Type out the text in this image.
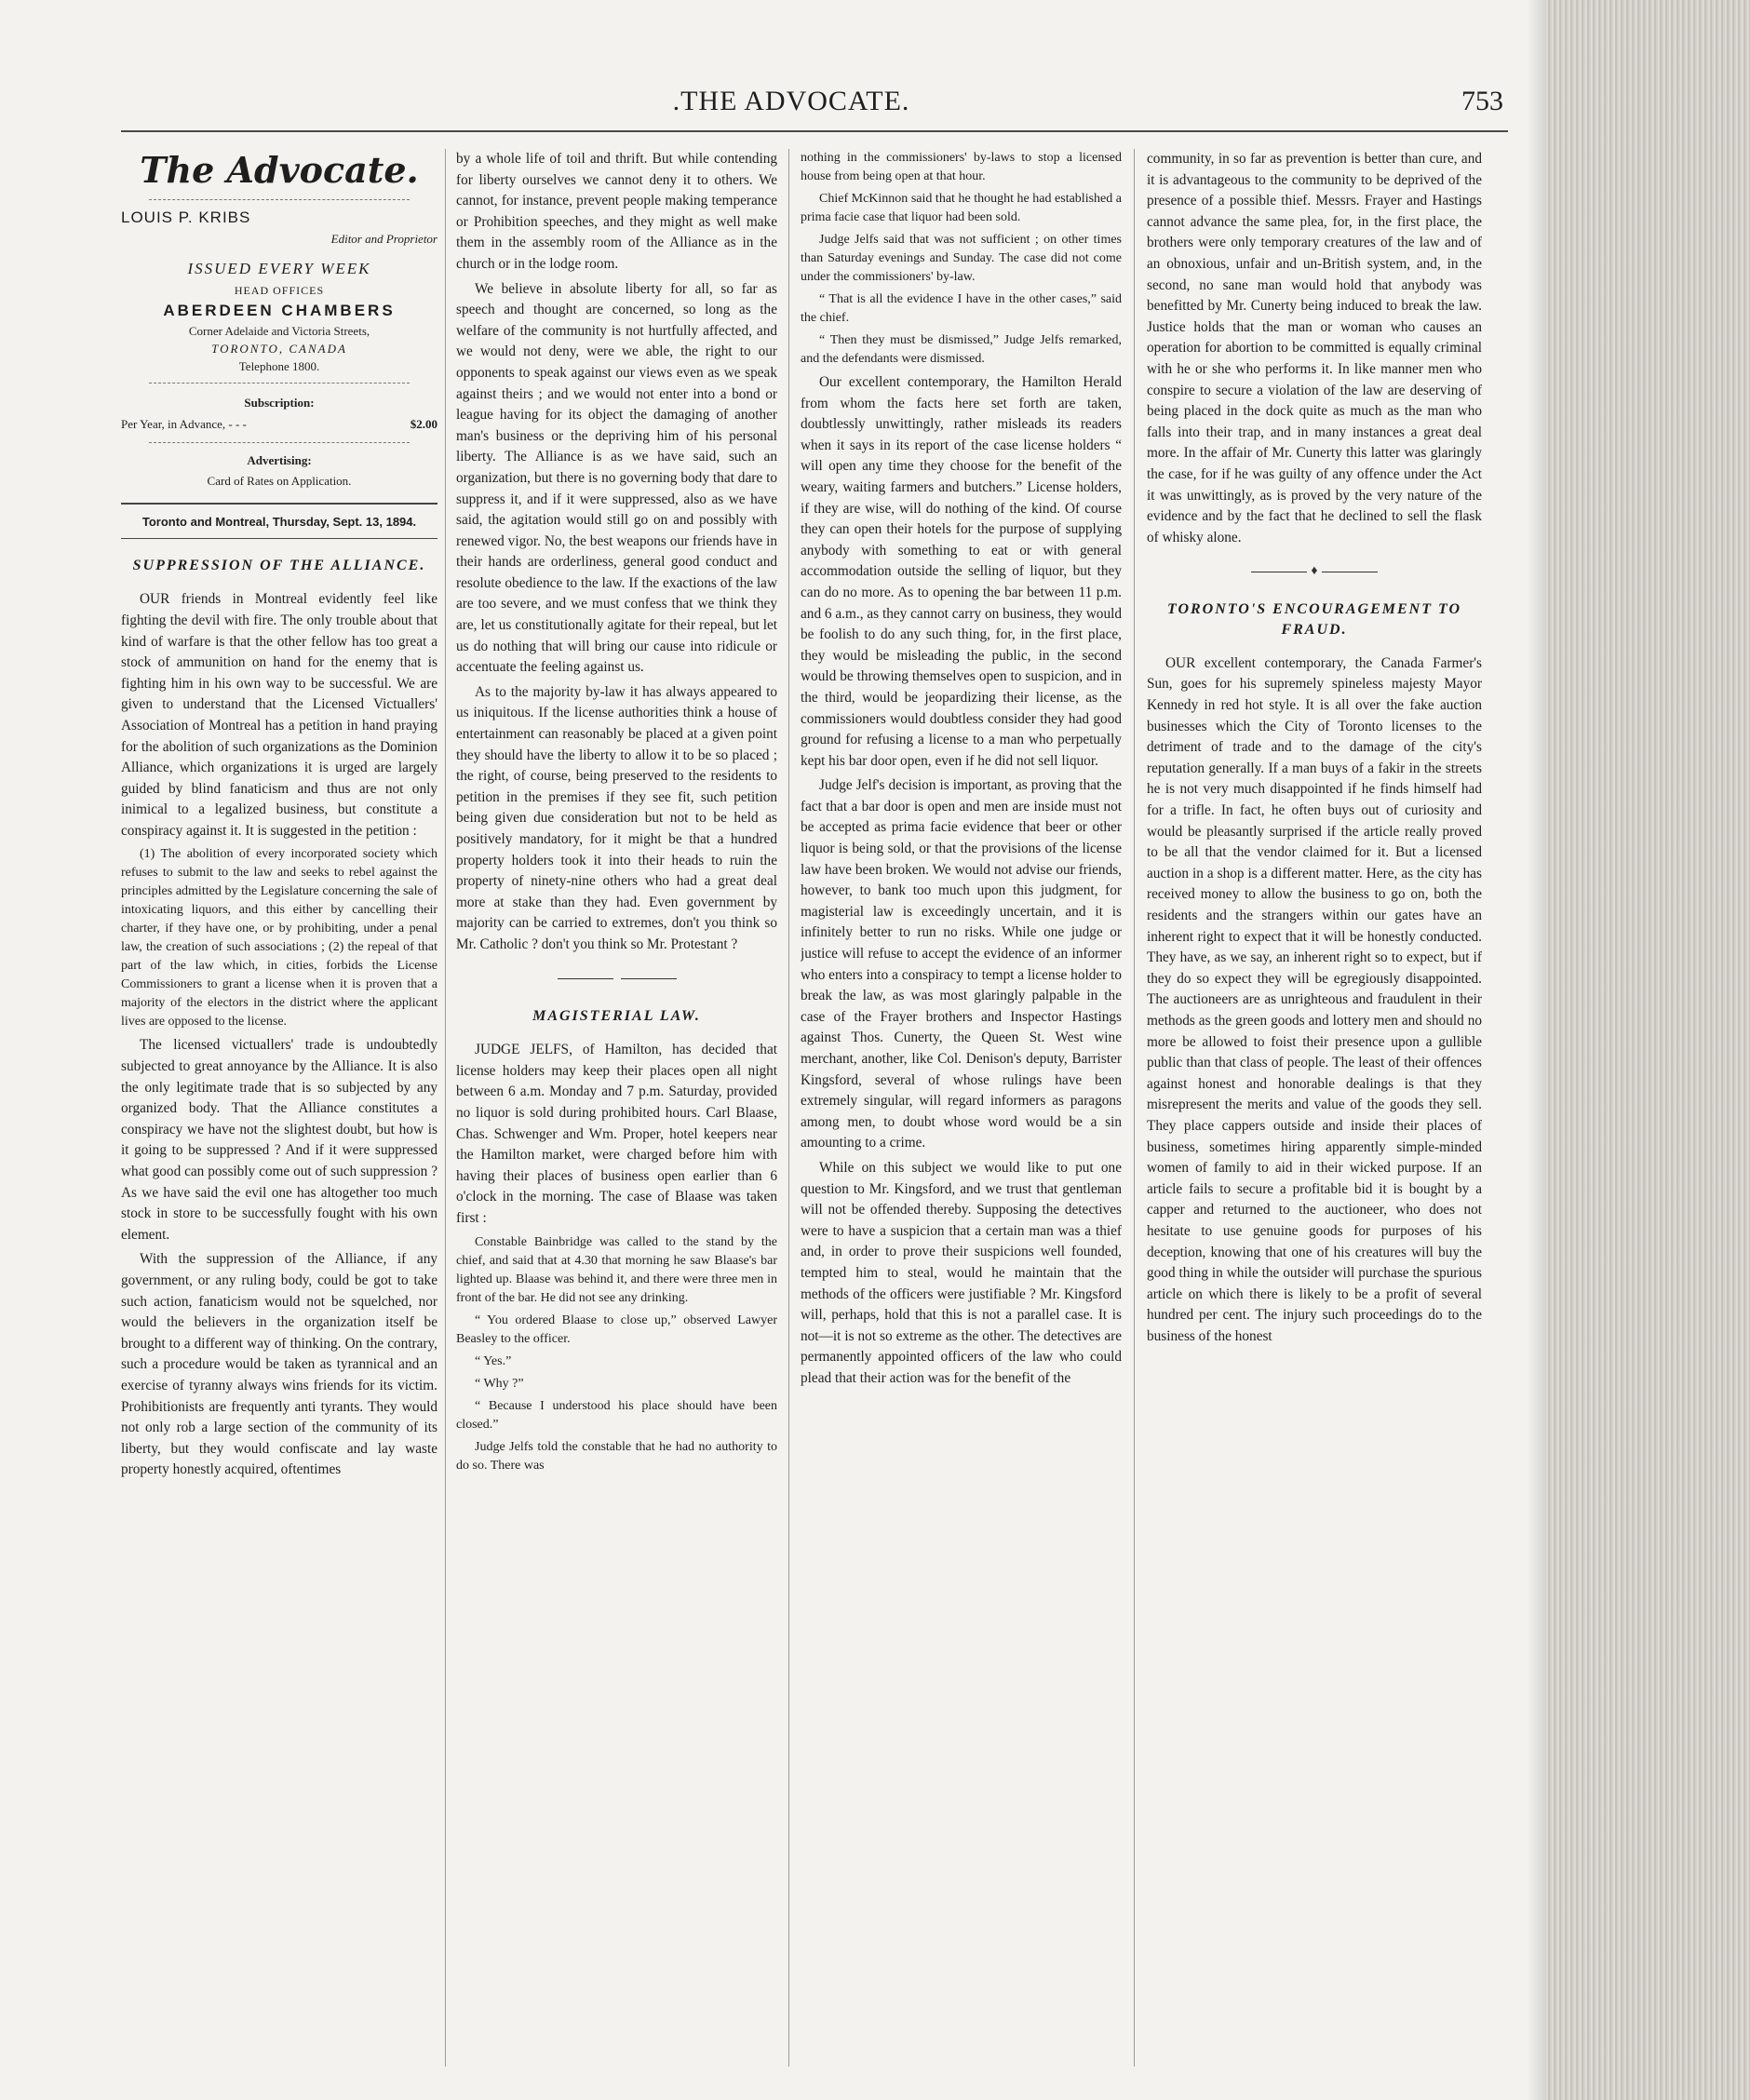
.THE ADVOCATE.	753
The Advocate.
LOUIS P. KRIBS
Editor and Proprietor
ISSUED EVERY WEEK
HEAD OFFICES
ABERDEEN CHAMBERS
Corner Adelaide and Victoria Streets,
TORONTO, CANADA
Telephone 1800.
Subscription:
Per Year, in Advance, - - -	$2.00
Advertising:
Card of Rates on Application.
Toronto and Montreal, Thursday, Sept. 13, 1894.
SUPPRESSION OF THE ALLIANCE.

OUR friends in Montreal evidently feel like fighting the devil with fire. The only trouble about that kind of warfare is that the other fellow has too great a stock of ammunition on hand for the enemy that is fighting him in his own way to be successful. We are given to understand that the Licensed Victuallers' Association of Montreal has a petition in hand praying for the abolition of such organizations as the Dominion Alliance, which organizations it is urged are largely guided by blind fanaticism and thus are not only inimical to a legalized business, but constitute a conspiracy against it. It is suggested in the petition :

(1) The abolition of every incorporated society which refuses to submit to the law and seeks to rebel against the principles admitted by the Legislature concerning the sale of intoxicating liquors, and this either by cancelling their charter, if they have one, or by prohibiting, under a penal law, the creation of such associations ; (2) the repeal of that part of the law which, in cities, forbids the License Commissioners to grant a license when it is proven that a majority of the electors in the district where the applicant lives are opposed to the license.

The licensed victuallers' trade is undoubtedly subjected to great annoyance by the Alliance. It is also the only legitimate trade that is so subjected by any organized body. That the Alliance constitutes a conspiracy we have not the slightest doubt, but how is it going to be suppressed ? And if it were suppressed what good can possibly come out of such suppression ? As we have said the evil one has altogether too much stock in store to be successfully fought with his own element.

With the suppression of the Alliance, if any government, or any ruling body, could be got to take such action, fanaticism would not be squelched, nor would the believers in the organization itself be brought to a different way of thinking. On the contrary, such a procedure would be taken as tyrannical and an exercise of tyranny always wins friends for its victim. Prohibitionists are frequently anti tyrants. They would not only rob a large section of the community of its liberty, but they would confiscate and lay waste property honestly acquired, oftentimes

by a whole life of toil and thrift. But while contending for liberty ourselves we cannot deny it to others. We cannot, for instance, prevent people making temperance or Prohibition speeches, and they might as well make them in the assembly room of the Alliance as in the church or in the lodge room.

We believe in absolute liberty for all, so far as speech and thought are concerned, so long as the welfare of the community is not hurtfully affected, and we would not deny, were we able, the right to our opponents to speak against our views even as we speak against theirs ; and we would not enter into a bond or league having for its object the damaging of another man's business or the depriving him of his personal liberty. The Alliance is as we have said, such an organization, but there is no governing body that dare to suppress it, and if it were suppressed, also as we have said, the agitation would still go on and possibly with renewed vigor. No, the best weapons our friends have in their hands are orderliness, general good conduct and resolute obedience to the law. If the exactions of the law are too severe, and we must confess that we think they are, let us constitutionally agitate for their repeal, but let us do nothing that will bring our cause into ridicule or accentuate the feeling against us.

As to the majority by-law it has always appeared to us iniquitous. If the license authorities think a house of entertainment can reasonably be placed at a given point they should have the liberty to allow it to be so placed ; the right, of course, being preserved to the residents to petition in the premises if they see fit, such petition being given due consideration but not to be held as positively mandatory, for it might be that a hundred property holders took it into their heads to ruin the property of ninety-nine others who had a great deal more at stake than they had. Even government by majority can be carried to extremes, don't you think so Mr. Catholic ? don't you think so Mr. Protestant ?

MAGISTERIAL LAW.

JUDGE JELFS, of Hamilton, has decided that license holders may keep their places open all night between 6 a.m. Monday and 7 p.m. Saturday, provided no liquor is sold during prohibited hours. Carl Blaase, Chas. Schwenger and Wm. Proper, hotel keepers near the Hamilton market, were charged before him with having their places of business open earlier than 6 o'clock in the morning. The case of Blaase was taken first :

Constable Bainbridge was called to the stand by the chief, and said that at 4.30 that morning he saw Blaase's bar lighted up. Blaase was behind it, and there were three men in front of the bar. He did not see any drinking.

“ You ordered Blaase to close up,” observed Lawyer Beasley to the officer.

“ Yes.”

“ Why ?”

“ Because I understood his place should have been closed.”

Judge Jelfs told the constable that he had no authority to do so. There was

nothing in the commissioners' by-laws to stop a licensed house from being open at that hour.

Chief McKinnon said that he thought he had established a prima facie case that liquor had been sold.

Judge Jelfs said that was not sufficient ; on other times than Saturday evenings and Sunday. The case did not come under the commissioners' by-law.

“ That is all the evidence I have in the other cases,” said the chief.

“ Then they must be dismissed,” Judge Jelfs remarked, and the defendants were dismissed.

Our excellent contemporary, the Hamilton Herald from whom the facts here set forth are taken, doubtlessly unwittingly, rather misleads its readers when it says in its report of the case license holders “ will open any time they choose for the benefit of the weary, waiting farmers and butchers.” License holders, if they are wise, will do nothing of the kind. Of course they can open their hotels for the purpose of supplying anybody with something to eat or with general accommodation outside the selling of liquor, but they can do no more. As to opening the bar between 11 p.m. and 6 a.m., as they cannot carry on business, they would be foolish to do any such thing, for, in the first place, they would be misleading the public, in the second would be throwing themselves open to suspicion, and in the third, would be jeopardizing their license, as the commissioners would doubtless consider they had good ground for refusing a license to a man who perpetually kept his bar door open, even if he did not sell liquor.

Judge Jelf's decision is important, as proving that the fact that a bar door is open and men are inside must not be accepted as prima facie evidence that beer or other liquor is being sold, or that the provisions of the license law have been broken. We would not advise our friends, however, to bank too much upon this judgment, for magisterial law is exceedingly uncertain, and it is infinitely better to run no risks. While one judge or justice will refuse to accept the evidence of an informer who enters into a conspiracy to tempt a license holder to break the law, as was most glaringly palpable in the case of the Frayer brothers and Inspector Hastings against Thos. Cunerty, the Queen St. West wine merchant, another, like Col. Denison's deputy, Barrister Kingsford, several of whose rulings have been extremely singular, will regard informers as paragons among men, to doubt whose word would be a sin amounting to a crime.

While on this subject we would like to put one question to Mr. Kingsford, and we trust that gentleman will not be offended thereby. Supposing the detectives were to have a suspicion that a certain man was a thief and, in order to prove their suspicions well founded, tempted him to steal, would he maintain that the methods of the officers were justifiable ? Mr. Kingsford will, perhaps, hold that this is not a parallel case. It is not—it is not so extreme as the other. The detectives are permanently appointed officers of the law who could plead that their action was for the benefit of the

community, in so far as prevention is better than cure, and it is advantageous to the community to be deprived of the presence of a possible thief. Messrs. Frayer and Hastings cannot advance the same plea, for, in the first place, the brothers were only temporary creatures of the law and of an obnoxious, unfair and un-British system, and, in the second, no sane man would hold that anybody was benefitted by Mr. Cunerty being induced to break the law. Justice holds that the man or woman who causes an operation for abortion to be committed is equally criminal with he or she who performs it. In like manner men who conspire to secure a violation of the law are deserving of being placed in the dock quite as much as the man who falls into their trap, and in many instances a great deal more. In the affair of Mr. Cunerty this latter was glaringly the case, for if he was guilty of any offence under the Act it was unwittingly, as is proved by the very nature of the evidence and by the fact that he declined to sell the flask of whisky alone.

♦
TORONTO'S ENCOURAGEMENT TO FRAUD.

OUR excellent contemporary, the Canada Farmer's Sun, goes for his supremely spineless majesty Mayor Kennedy in red hot style. It is all over the fake auction businesses which the City of Toronto licenses to the detriment of trade and to the damage of the city's reputation generally. If a man buys of a fakir in the streets he is not very much disappointed if he finds himself had for a trifle. In fact, he often buys out of curiosity and would be pleasantly surprised if the article really proved to be all that the vendor claimed for it. But a licensed auction in a shop is a different matter. Here, as the city has received money to allow the business to go on, both the residents and the strangers within our gates have an inherent right to expect that it will be honestly conducted. They have, as we say, an inherent right so to expect, but if they do so expect they will be egregiously disappointed. The auctioneers are as unrighteous and fraudulent in their methods as the green goods and lottery men and should no more be allowed to foist their presence upon a gullible public than that class of people. The least of their offences against honest and honorable dealings is that they misrepresent the merits and value of the goods they sell. They place cappers outside and inside their places of business, sometimes hiring apparently simple-minded women of family to aid in their wicked purpose. If an article fails to secure a profitable bid it is bought by a capper and returned to the auctioneer, who does not hesitate to use genuine goods for purposes of his deception, knowing that one of his creatures will buy the good thing in while the outsider will purchase the spurious article on which there is likely to be a profit of several hundred per cent. The injury such proceedings do to the business of the honest
